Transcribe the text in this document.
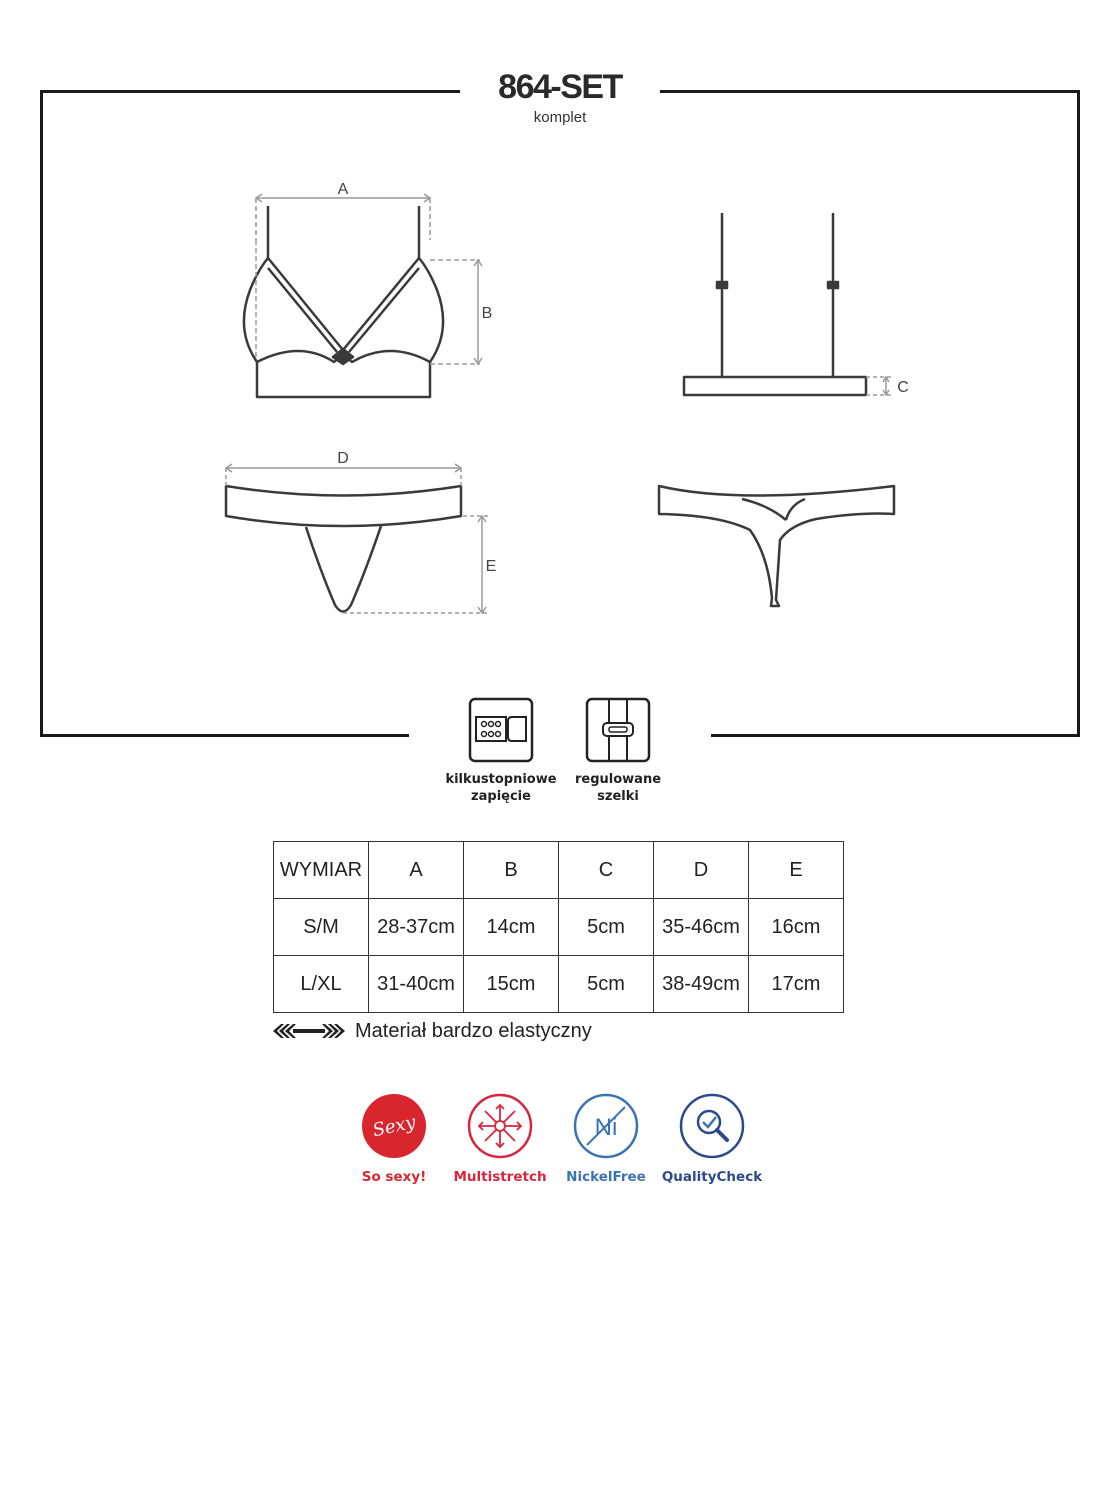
864-SET
komplet
A
B
C
D
E
kilkustopniowe
zapięcie
regulowane
szelki
WYMIAR	A	B	C	D	E
S/M	28-37cm	14cm	5cm	35-46cm	16cm
L/XL	31-40cm	15cm	5cm	38-49cm	17cm
Materiał bardzo elastyczny
Sexy
So sexy!	Multistretch
Ni
NickelFree	QualityCheck
